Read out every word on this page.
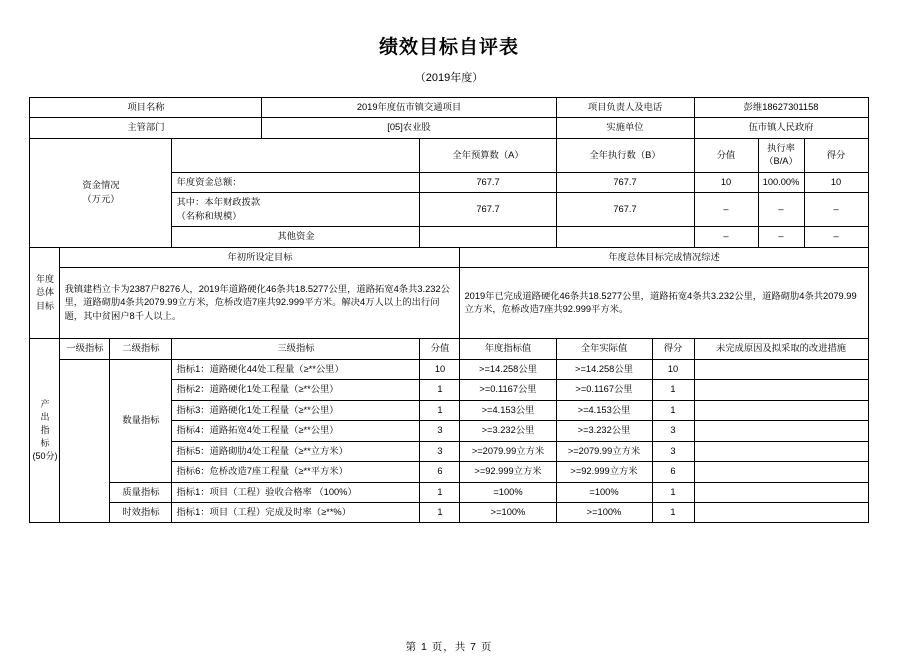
绩效目标自评表
（2019年度）
项目名称				2019年度伍市镇交通项目			项目负责人及电话		彭维18627301158		
主管部门				[05]农业股			实施单位		伍市镇人民政府		

资金情况
（万元）					全年预算数（A）		全年执行数（B）		分值	执行率（B/A）	得分
			年度资金总额：		767.7		767.7		10	100.00%	10

			其中：本年财政拨款
（名称和规模）		767.7		767.7		–	–	–
			其他资金						–	–	–

年度
总体
目标	年初所设定目标					年度总体目标完成情况综述					
	我镇建档立卡为2387户8276人，2019年道路硬化46条共18.5277公里，道路拓宽4条共3.232公里，道路砌肋4条共2079.99立方米，危桥改造7座共92.999平方米。解决4万人以上的出行问题，其中贫困户8千人以上。					2019年已完成道路硬化46条共18.5277公里，道路拓宽4条共3.232公里，道路砌肋4条共2079.99立方米，危桥改造7座共92.999平方米。					

产
出
指
标
(50分)	一级指标	二级指标	三级指标		分值	年度指标值	全年实际值	得分	未完成原因及拟采取的改进措施		
		数量指标	指标1：道路硬化44处工程量（≥**公里）		10	>=14.258公里	>=14.258公里	10			
			指标2：道路硬化1处工程量（≥**公里）		1	>=0.1167公里	>=0.1167公里	1			
			指标3：道路硬化1处工程量（≥**公里）		1	>=4.153公里	>=4.153公里	1			
			指标4：道路拓宽4处工程量（≥**公里）		3	>=3.232公里	>=3.232公里	3			
			指标5：道路砌肋4处工程量（≥**立方米）		3	>=2079.99立方米	>=2079.99立方米	3			
			指标6：危桥改造7座工程量（≥**平方米）		6	>=92.999立方米	>=92.999立方米	6			
		质量指标	指标1：项目（工程）验收合格率 （100%）		1	=100%	=100%	1			
		时效指标	指标1：项目（工程）完成及时率（≥**%）		1	>=100%	>=100%	1			
第 1 页，共 7 页
